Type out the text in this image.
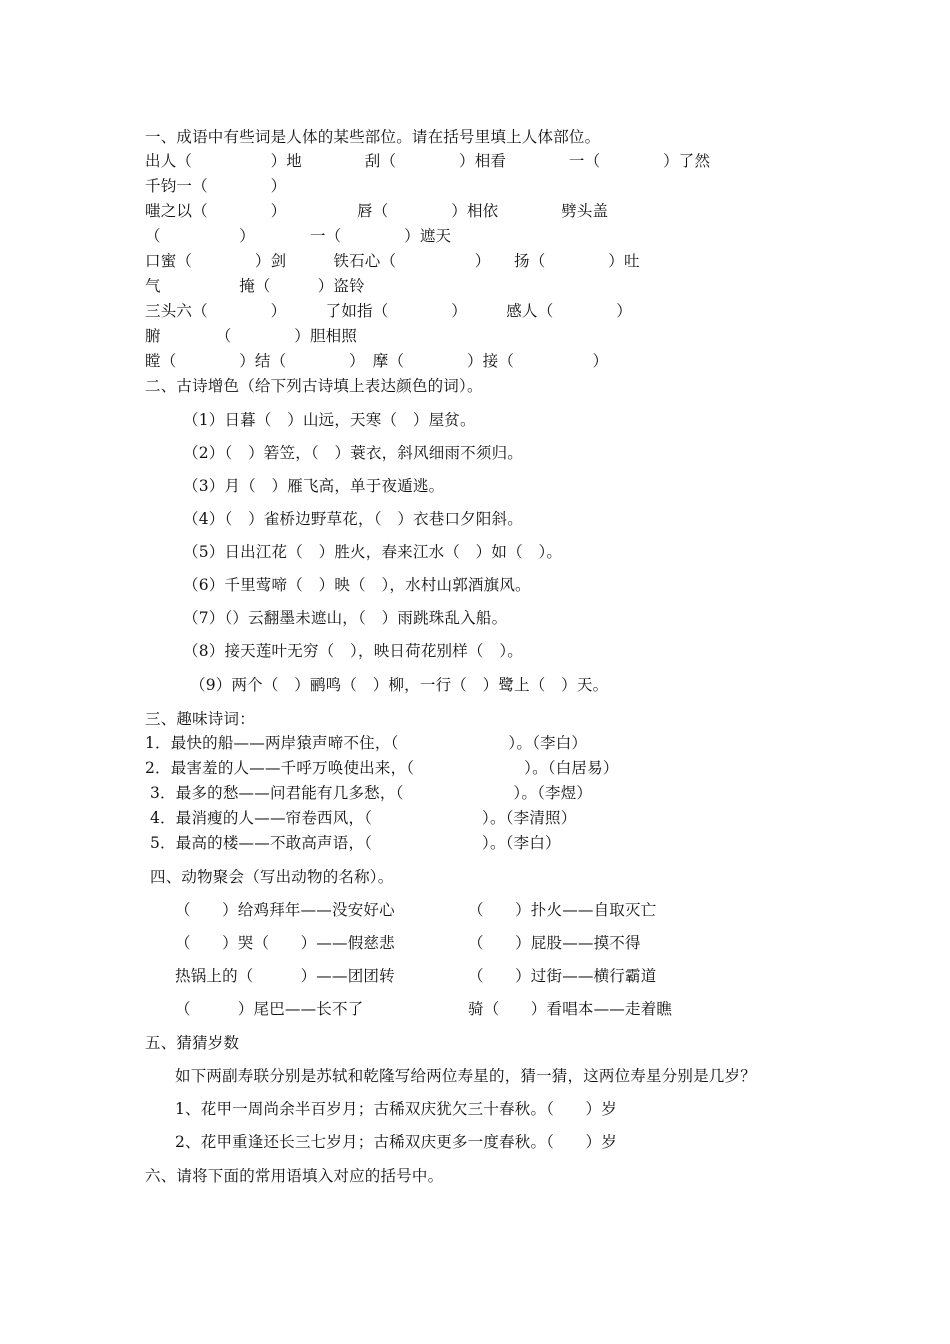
一、成语中有些词是人体的某些部位。请在括号里填上人体部位。
出人（　　　　　）地　　　　刮（　　　　）相看　　　　一（　　　　）了然
千钧一（　　　　）
嗤之以（　　　　）　　　　　唇（　　　　）相依　　　　劈头盖
（　　　　　）　　　　一（　　　　）遮天
口蜜（　　　　）剑　　　铁石心（　　　　　）　　扬（　　　　）吐
气　　　　　掩（　　　）盗铃
三头六（　　　　）　　　了如指（　　　　）　　　感人（　　　　）
腑　　　　（　　　　）胆相照
瞠（　　　　）结（　　　　）　摩（　　　　）接（　　　　　）
二、古诗增色（给下列古诗填上表达颜色的词）。
（1）日暮（　）山远，天寒（　）屋贫。
（2）（　）箬笠，（　）蓑衣，斜风细雨不须归。
（3）月（　）雁飞高，单于夜遁逃。
（4）（　）雀桥边野草花，（　）衣巷口夕阳斜。
（5）日出江花（　）胜火，春来江水（　）如（　）。
（6）千里莺啼（　）映（　），水村山郭酒旗风。
（7）（）云翻墨未遮山，（　）雨跳珠乱入船。
（8）接天莲叶无穷（　），映日荷花别样（　）。
（9）两个（　）鹂鸣（　）柳，一行（　）鹭上（　）天。
三、趣味诗词：
1．最快的船——两岸猿声啼不住，（　　　　　　　）。（李白）
2．最害羞的人——千呼万唤使出来，（　　　　　　　）。（白居易）
3．最多的愁——问君能有几多愁，（　　　　　　　）。（李煜）
4．最消瘦的人——帘卷西风，（　　　　　　　）。（李清照）
5．最高的楼——不敢高声语，（　　　　　　　）。（李白）
四、动物聚会（写出动物的名称）。
（　　）给鸡拜年——没安好心	（　　）扑火——自取灭亡
（　　）哭（　　）——假慈悲	（　　）屁股——摸不得
热锅上的（　　　）——团团转	（　　）过街——横行霸道
（　　　）尾巴——长不了	骑（　　）看唱本——走着瞧
五、猜猜岁数
如下两副寿联分别是苏轼和乾隆写给两位寿星的，猜一猜，这两位寿星分别是几岁？
1、花甲一周尚余半百岁月；古稀双庆犹欠三十春秋。（　　）岁
2、花甲重逢还长三七岁月；古稀双庆更多一度春秋。（　　）岁
六、请将下面的常用语填入对应的括号中。
